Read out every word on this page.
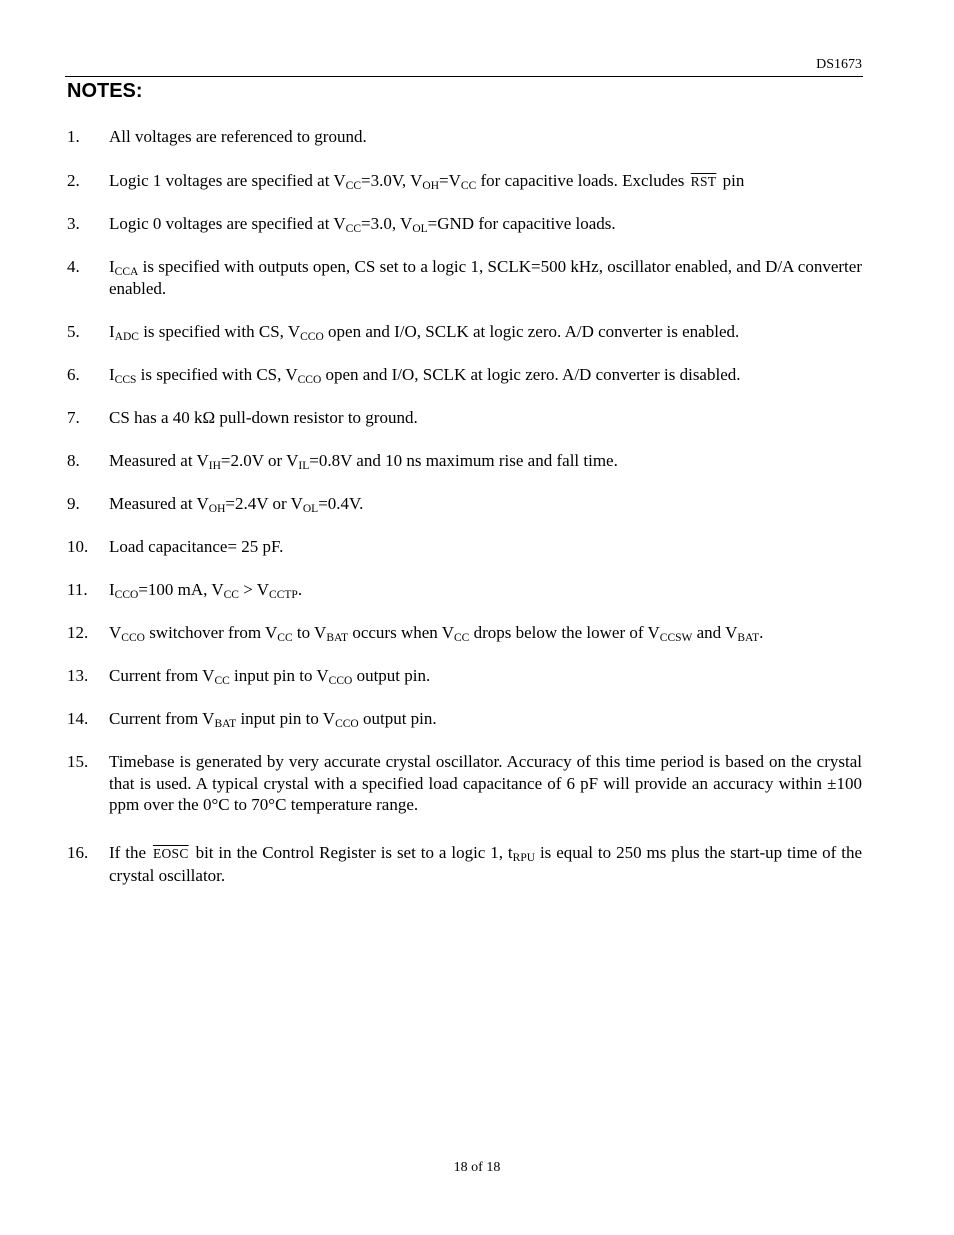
DS1673
NOTES:
1. All voltages are referenced to ground.
2. Logic 1 voltages are specified at $V_{CC}=3.0V$, $V_{OH}=V_{CC}$ for capacitive loads. Excludes $\overline{RST}$ pin
3. Logic 0 voltages are specified at $V_{CC}=3.0$, $V_{OL}=GND$ for capacitive loads.
4. $I_{CCA}$ is specified with outputs open, CS set to a logic 1, SCLK=500 kHz, oscillator enabled, and D/A converter enabled.
5. $I_{ADC}$ is specified with CS, $V_{CCO}$ open and I/O, SCLK at logic zero. A/D converter is enabled.
6. $I_{CCS}$ is specified with CS, $V_{CCO}$ open and I/O, SCLK at logic zero. A/D converter is disabled.
7. CS has a 40 kΩ pull-down resistor to ground.
8. Measured at $V_{IH}=2.0V$ or $V_{IL}=0.8V$ and 10 ns maximum rise and fall time.
9. Measured at $V_{OH}=2.4V$ or $V_{OL}=0.4V$.
10. Load capacitance= 25 pF.
11. $I_{CCO}=100$ mA, $V_{CC} > V_{CCTP}$.
12. $V_{CCO}$ switchover from $V_{CC}$ to $V_{BAT}$ occurs when $V_{CC}$ drops below the lower of $V_{CCSW}$ and $V_{BAT}$.
13. Current from $V_{CC}$ input pin to $V_{CCO}$ output pin.
14. Current from $V_{BAT}$ input pin to $V_{CCO}$ output pin.
15. Timebase is generated by very accurate crystal oscillator. Accuracy of this time period is based on the crystal that is used. A typical crystal with a specified load capacitance of 6 pF will provide an accuracy within ±100 ppm over the 0°C to 70°C temperature range.
16. If the EOSC bit in the Control Register is set to a logic 1, $t_{RPU}$ is equal to 250 ms plus the start-up time of the crystal oscillator.
18 of 18
